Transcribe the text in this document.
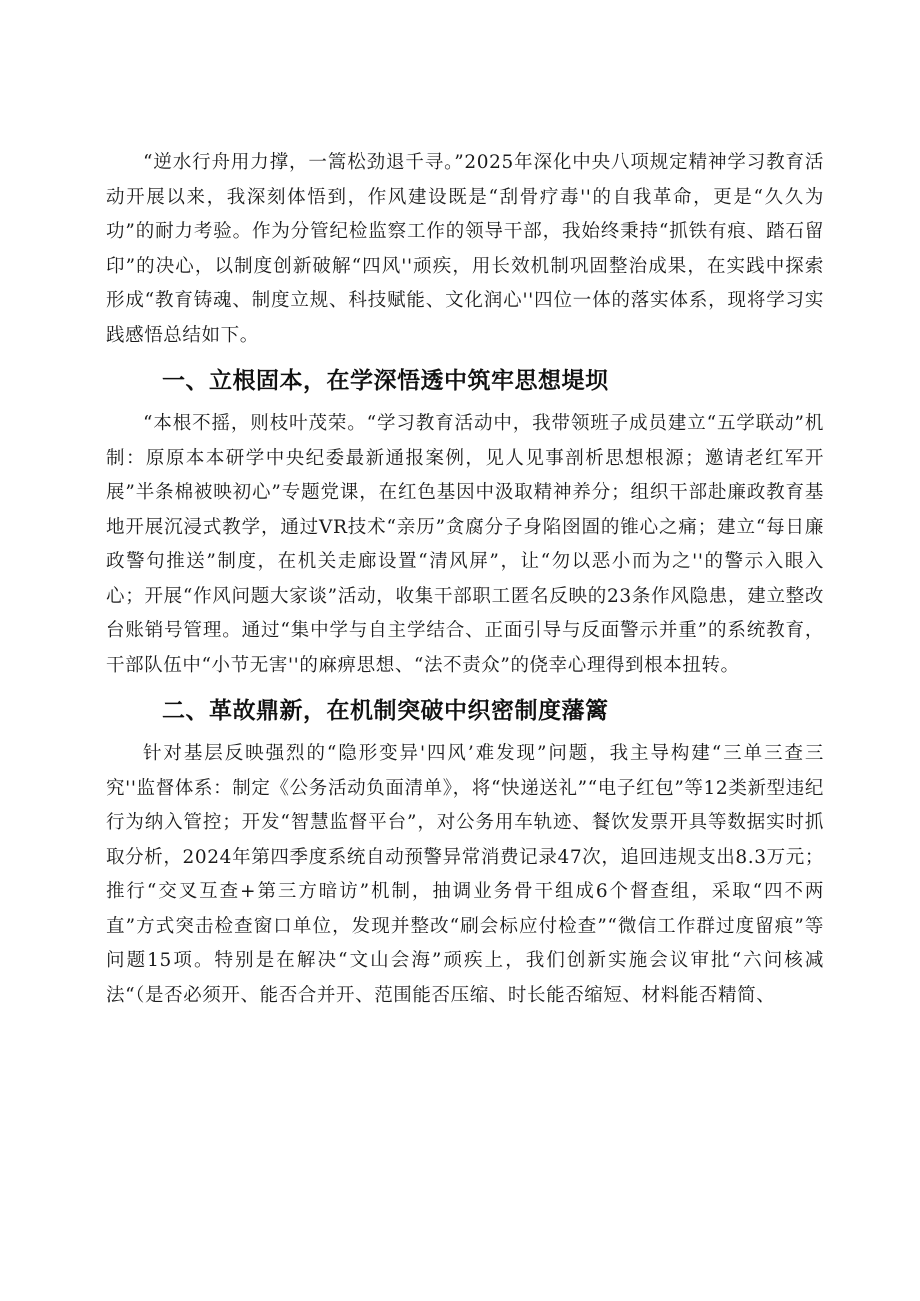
“逆水行舟用力撑，一篙松劲退千寻。”2025年深化中央八项规定精神学习教育活动开展以来，我深刻体悟到，作风建设既是“刮骨疗毒''的自我革命，更是“久久为功”的耐力考验。作为分管纪检监察工作的领导干部，我始终秉持“抓铁有痕、踏石留印”的决心，以制度创新破解“四风''顽疾，用长效机制巩固整治成果，在实践中探索形成“教育铸魂、制度立规、科技赋能、文化润心''四位一体的落实体系，现将学习实践感悟总结如下。

一、立根固本，在学深悟透中筑牢思想堤坝

“本根不摇，则枝叶茂荣。“学习教育活动中，我带领班子成员建立“五学联动”机制：原原本本研学中央纪委最新通报案例，见人见事剖析思想根源；邀请老红军开展”半条棉被映初心”专题党课，在红色基因中汲取精神养分；组织干部赴廉政教育基地开展沉浸式教学，通过VR技术“亲历”贪腐分子身陷囹圄的锥心之痛；建立“每日廉政警句推送”制度，在机关走廊设置“清风屏”，让“勿以恶小而为之''的警示入眼入心；开展“作风问题大家谈”活动，收集干部职工匿名反映的23条作风隐患，建立整改台账销号管理。通过“集中学与自主学结合、正面引导与反面警示并重”的系统教育，干部队伍中“小节无害''的麻痹思想、“法不责众”的侥幸心理得到根本扭转。

二、革故鼎新，在机制突破中织密制度藩篱

针对基层反映强烈的“隐形变异'四风’难发现”问题，我主导构建“三单三查三究''监督体系：制定《公务活动负面清单》，将“快递送礼”“电子红包”等12类新型违纪行为纳入管控；开发“智慧监督平台”，对公务用车轨迹、餐饮发票开具等数据实时抓取分析，2024年第四季度系统自动预警异常消费记录47次，追回违规支出8.3万元；推行“交叉互查+第三方暗访”机制，抽调业务骨干组成6个督查组，采取“四不两直”方式突击检查窗口单位，发现并整改“刷会标应付检查”“微信工作群过度留痕”等问题15项。特别是在解决“文山会海”顽疾上，我们创新实施会议审批“六问核减法“（是否必须开、能否合并开、范围能否压缩、时长能否缩短、材料能否精简、
